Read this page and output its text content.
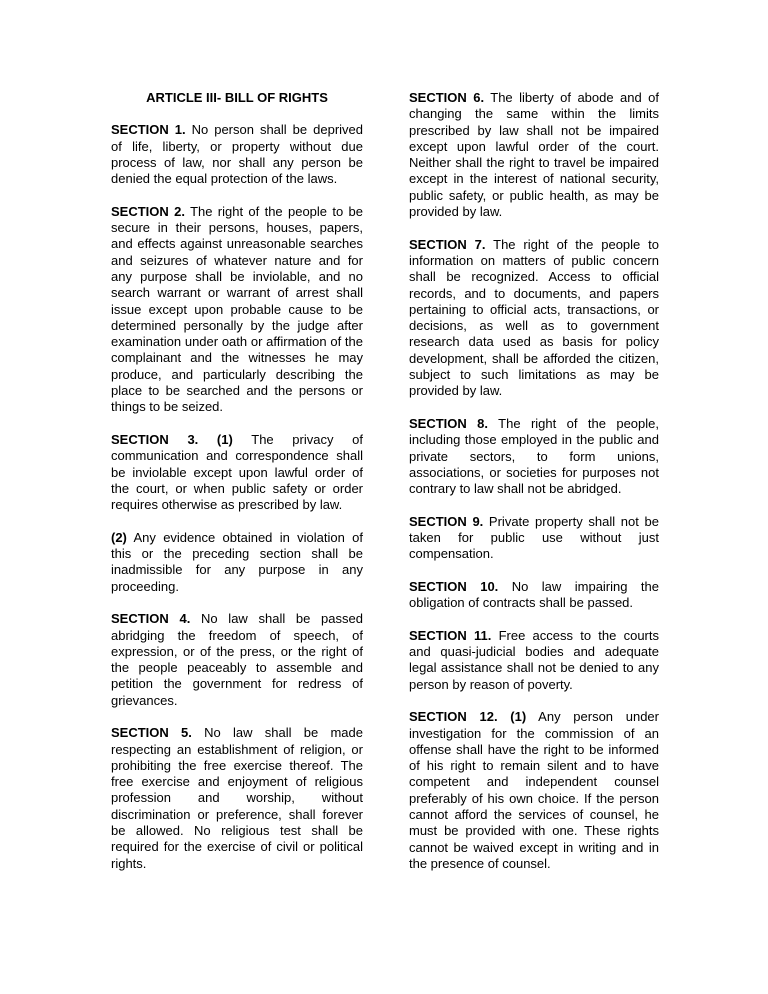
ARTICLE III- BILL OF RIGHTS

SECTION 1. No person shall be deprived of life, liberty, or property without due process of law, nor shall any person be denied the equal protection of the laws.

SECTION 2. The right of the people to be secure in their persons, houses, papers, and effects against unreasonable searches and seizures of whatever nature and for any purpose shall be inviolable, and no search warrant or warrant of arrest shall issue except upon probable cause to be determined personally by the judge after examination under oath or affirmation of the complainant and the witnesses he may produce, and particularly describing the place to be searched and the persons or things to be seized.

SECTION 3. (1) The privacy of communication and correspondence shall be inviolable except upon lawful order of the court, or when public safety or order requires otherwise as prescribed by law.

(2) Any evidence obtained in violation of this or the preceding section shall be inadmissible for any purpose in any proceeding.

SECTION 4. No law shall be passed abridging the freedom of speech, of expression, or of the press, or the right of the people peaceably to assemble and petition the government for redress of grievances.

SECTION 5. No law shall be made respecting an establishment of religion, or prohibiting the free exercise thereof. The free exercise and enjoyment of religious profession and worship, without discrimination or preference, shall forever be allowed. No religious test shall be required for the exercise of civil or political rights.

SECTION 6. The liberty of abode and of changing the same within the limits prescribed by law shall not be impaired except upon lawful order of the court. Neither shall the right to travel be impaired except in the interest of national security, public safety, or public health, as may be provided by law.

SECTION 7. The right of the people to information on matters of public concern shall be recognized. Access to official records, and to documents, and papers pertaining to official acts, transactions, or decisions, as well as to government research data used as basis for policy development, shall be afforded the citizen, subject to such limitations as may be provided by law.

SECTION 8. The right of the people, including those employed in the public and private sectors, to form unions, associations, or societies for purposes not contrary to law shall not be abridged.

SECTION 9. Private property shall not be taken for public use without just compensation.

SECTION 10. No law impairing the obligation of contracts shall be passed.

SECTION 11. Free access to the courts and quasi-judicial bodies and adequate legal assistance shall not be denied to any person by reason of poverty.

SECTION 12. (1) Any person under investigation for the commission of an offense shall have the right to be informed of his right to remain silent and to have competent and independent counsel preferably of his own choice. If the person cannot afford the services of counsel, he must be provided with one. These rights cannot be waived except in writing and in the presence of counsel.
